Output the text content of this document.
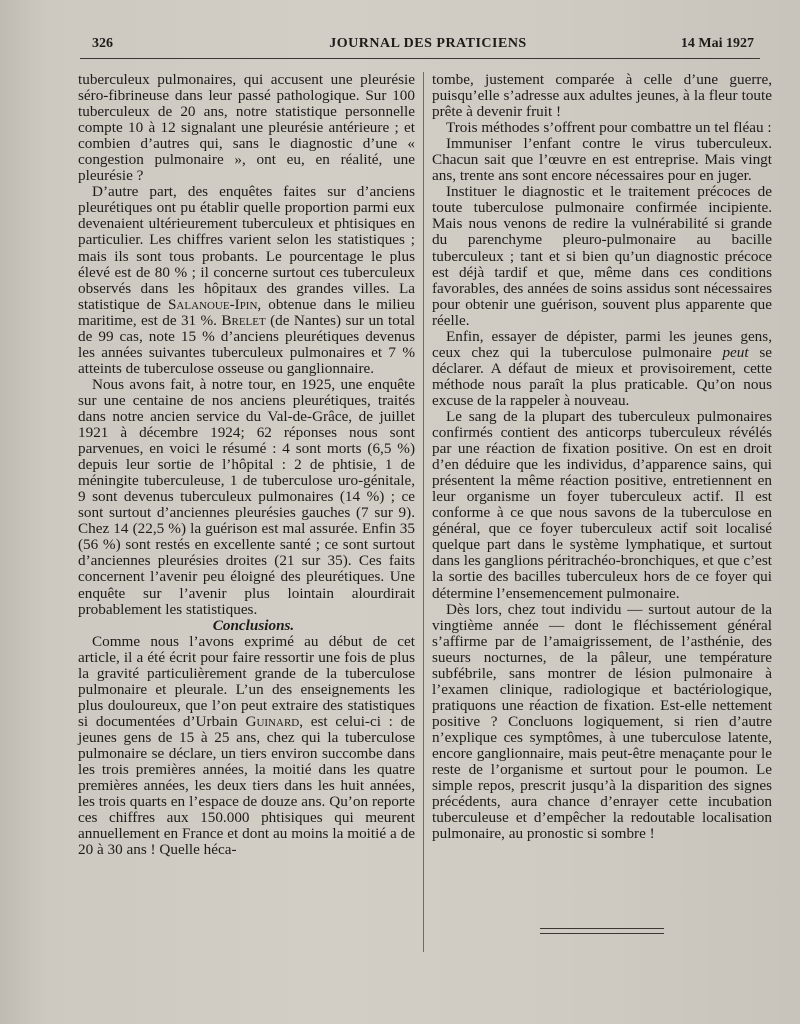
326	JOURNAL DES PRATICIENS	14 Mai 1927

tuberculeux pulmonaires, qui accusent une pleurésie séro-fibrineuse dans leur passé pathologique. Sur 100 tuberculeux de 20 ans, notre statistique personnelle compte 10 à 12 signalant une pleurésie antérieure ; et combien d’autres qui, sans le diagnostic d’une « congestion pulmonaire », ont eu, en réalité, une pleurésie ?

D’autre part, des enquêtes faites sur d’anciens pleurétiques ont pu établir quelle proportion parmi eux devenaient ultérieurement tuberculeux et phtisiques en particulier. Les chiffres varient selon les statistiques ; mais ils sont tous probants. Le pourcentage le plus élevé est de 80 % ; il concerne surtout ces tuberculeux observés dans les hôpitaux des grandes villes. La statistique de Salanoue-Ipin, obtenue dans le milieu maritime, est de 31 %. Brelet (de Nantes) sur un total de 99 cas, note 15 % d’anciens pleurétiques devenus les années suivantes tuberculeux pulmonaires et 7 % atteints de tuberculose osseuse ou ganglionnaire.

Nous avons fait, à notre tour, en 1925, une enquête sur une centaine de nos anciens pleurétiques, traités dans notre ancien service du Val-de-Grâce, de juillet 1921 à décembre 1924; 62 réponses nous sont parvenues, en voici le résumé : 4 sont morts (6,5 %) depuis leur sortie de l’hôpital : 2 de phtisie, 1 de méningite tuberculeuse, 1 de tuberculose uro-génitale, 9 sont devenus tuberculeux pulmonaires (14 %) ; ce sont surtout d’anciennes pleurésies gauches (7 sur 9). Chez 14 (22,5 %) la guérison est mal assurée. Enfin 35 (56 %) sont restés en excellente santé ; ce sont surtout d’anciennes pleurésies droites (21 sur 35). Ces faits concernent l’avenir peu éloigné des pleurétiques. Une enquête sur l’avenir plus lointain alourdirait probablement les statistiques.

Conclusions.

Comme nous l’avons exprimé au début de cet article, il a été écrit pour faire ressortir une fois de plus la gravité particulièrement grande de la tuberculose pulmonaire et pleurale. L’un des enseignements les plus douloureux, que l’on peut extraire des statistiques si documentées d’Urbain Guinard, est celui-ci : de jeunes gens de 15 à 25 ans, chez qui la tuberculose pulmonaire se déclare, un tiers environ succombe dans les trois premières années, la moitié dans les quatre premières années, les deux tiers dans les huit années, les trois quarts en l’espace de douze ans. Qu’on reporte ces chiffres aux 150.000 phtisiques qui meurent annuellement en France et dont au moins la moitié a de 20 à 30 ans ! Quelle héca-

tombe, justement comparée à celle d’une guerre, puisqu’elle s’adresse aux adultes jeunes, à la fleur toute prête à devenir fruit !

Trois méthodes s’offrent pour combattre un tel fléau :

Immuniser l’enfant contre le virus tuberculeux. Chacun sait que l’œuvre en est entreprise. Mais vingt ans, trente ans sont encore nécessaires pour en juger.

Instituer le diagnostic et le traitement précoces de toute tuberculose pulmonaire confirmée incipiente. Mais nous venons de redire la vulnérabilité si grande du parenchyme pleuro-pulmonaire au bacille tuberculeux ; tant et si bien qu’un diagnostic précoce est déjà tardif et que, même dans ces conditions favorables, des années de soins assidus sont nécessaires pour obtenir une guérison, souvent plus apparente que réelle.

Enfin, essayer de dépister, parmi les jeunes gens, ceux chez qui la tuberculose pulmonaire peut se déclarer. A défaut de mieux et provisoirement, cette méthode nous paraît la plus praticable. Qu’on nous excuse de la rappeler à nouveau.

Le sang de la plupart des tuberculeux pulmonaires confirmés contient des anticorps tuberculeux révélés par une réaction de fixation positive. On est en droit d’en déduire que les individus, d’apparence sains, qui présentent la même réaction positive, entretiennent en leur organisme un foyer tuberculeux actif. Il est conforme à ce que nous savons de la tuberculose en général, que ce foyer tuberculeux actif soit localisé quelque part dans le système lymphatique, et surtout dans les ganglions péritrachéo-bronchiques, et que c’est la sortie des bacilles tuberculeux hors de ce foyer qui détermine l’ensemencement pulmonaire.

Dès lors, chez tout individu — surtout autour de la vingtième année — dont le fléchissement général s’affirme par de l’amaigrissement, de l’asthénie, des sueurs nocturnes, de la pâleur, une température subfébrile, sans montrer de lésion pulmonaire à l’examen clinique, radiologique et bactériologique, pratiquons une réaction de fixation. Est-elle nettement positive ? Concluons logiquement, si rien d’autre n’explique ces symptômes, à une tuberculose latente, encore ganglionnaire, mais peut-être menaçante pour le reste de l’organisme et surtout pour le poumon. Le simple repos, prescrit jusqu’à la disparition des signes précédents, aura chance d’enrayer cette incubation tuberculeuse et d’empêcher la redoutable localisation pulmonaire, au pronostic si sombre !
